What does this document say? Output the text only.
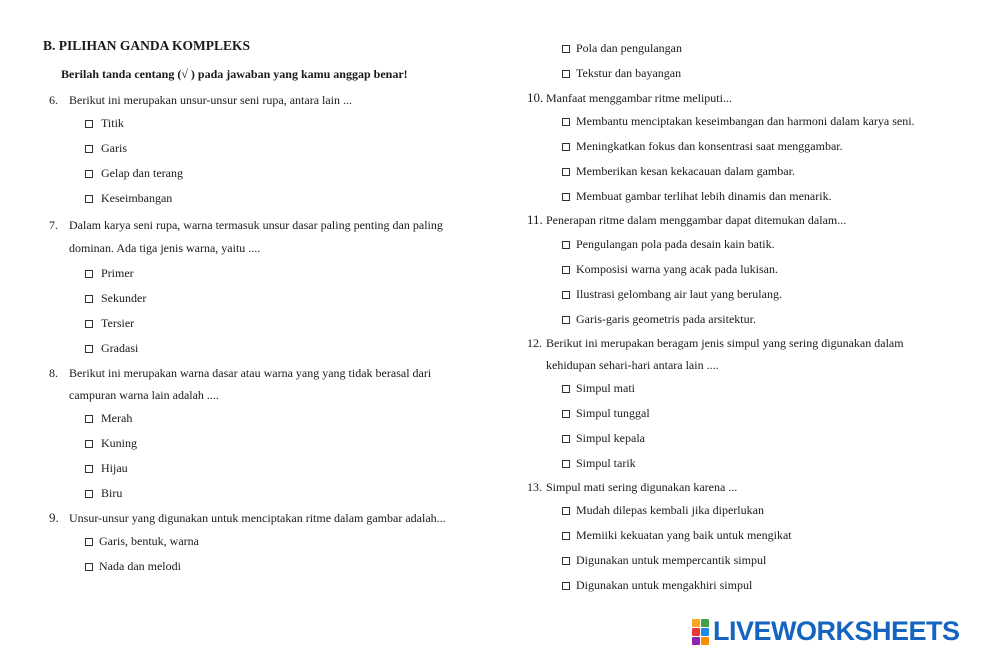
B. PILIHAN GANDA KOMPLEKS
Berilah tanda centang (√ ) pada jawaban yang kamu anggap benar!
6. Berikut ini merupakan unsur-unsur seni rupa, antara lain ...
Titik
Garis
Gelap dan terang
Keseimbangan
7. Dalam karya seni rupa, warna termasuk unsur dasar paling penting dan paling
dominan. Ada tiga jenis warna, yaitu ....
Primer
Sekunder
Tersier
Gradasi
8. Berikut ini merupakan warna dasar atau warna yang yang tidak berasal dari
campuran warna lain adalah ....
Merah
Kuning
Hijau
Biru
9. Unsur-unsur yang digunakan untuk menciptakan ritme dalam gambar adalah...
Garis, bentuk, warna
Nada dan melodi
Pola dan pengulangan
Tekstur dan bayangan
10. Manfaat menggambar ritme meliputi...
Membantu menciptakan keseimbangan dan harmoni dalam karya seni.
Meningkatkan fokus dan konsentrasi saat menggambar.
Memberikan kesan kekacauan dalam gambar.
Membuat gambar terlihat lebih dinamis dan menarik.
11. Penerapan ritme dalam menggambar dapat ditemukan dalam...
Pengulangan pola pada desain kain batik.
Komposisi warna yang acak pada lukisan.
Ilustrasi gelombang air laut yang berulang.
Garis-garis geometris pada arsitektur.
12. Berikut ini merupakan beragam jenis simpul yang sering digunakan dalam
kehidupan sehari-hari antara lain ....
Simpul mati
Simpul tunggal
Simpul kepala
Simpul tarik
13. Simpul mati sering digunakan karena ...
Mudah dilepas kembali jika diperlukan
Memiiki kekuatan yang baik untuk mengikat
Digunakan untuk mempercantik simpul
Digunakan untuk mengakhiri simpul
LIVEWORKSHEETS
